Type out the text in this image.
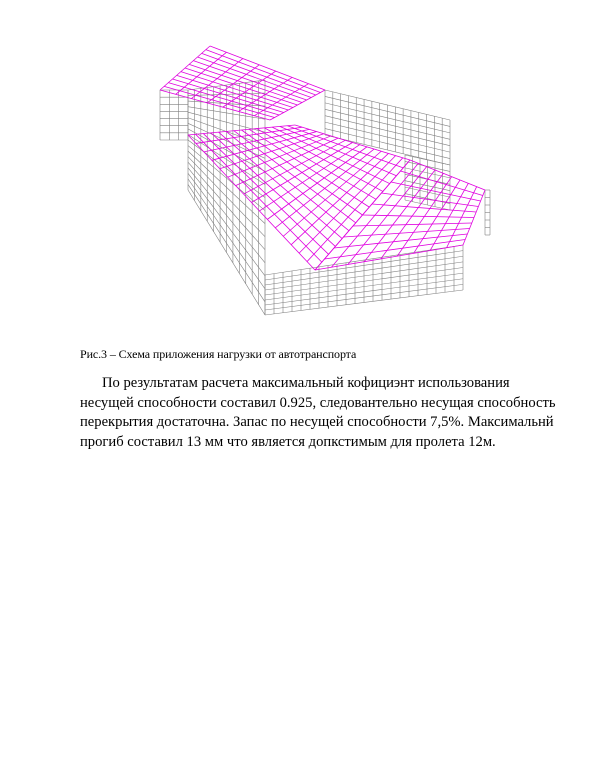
Рис.3 – Схема приложения нагрузки от автотранспорта
По результатам расчета максимальный кофициэнт использования
несущей способности составил 0.925, следовантельно несущая способность
перекрытия достаточна. Запас по несущей способности 7,5%. Максимальнй
прогиб составил 13 мм что является допкстимым для пролета 12м.
